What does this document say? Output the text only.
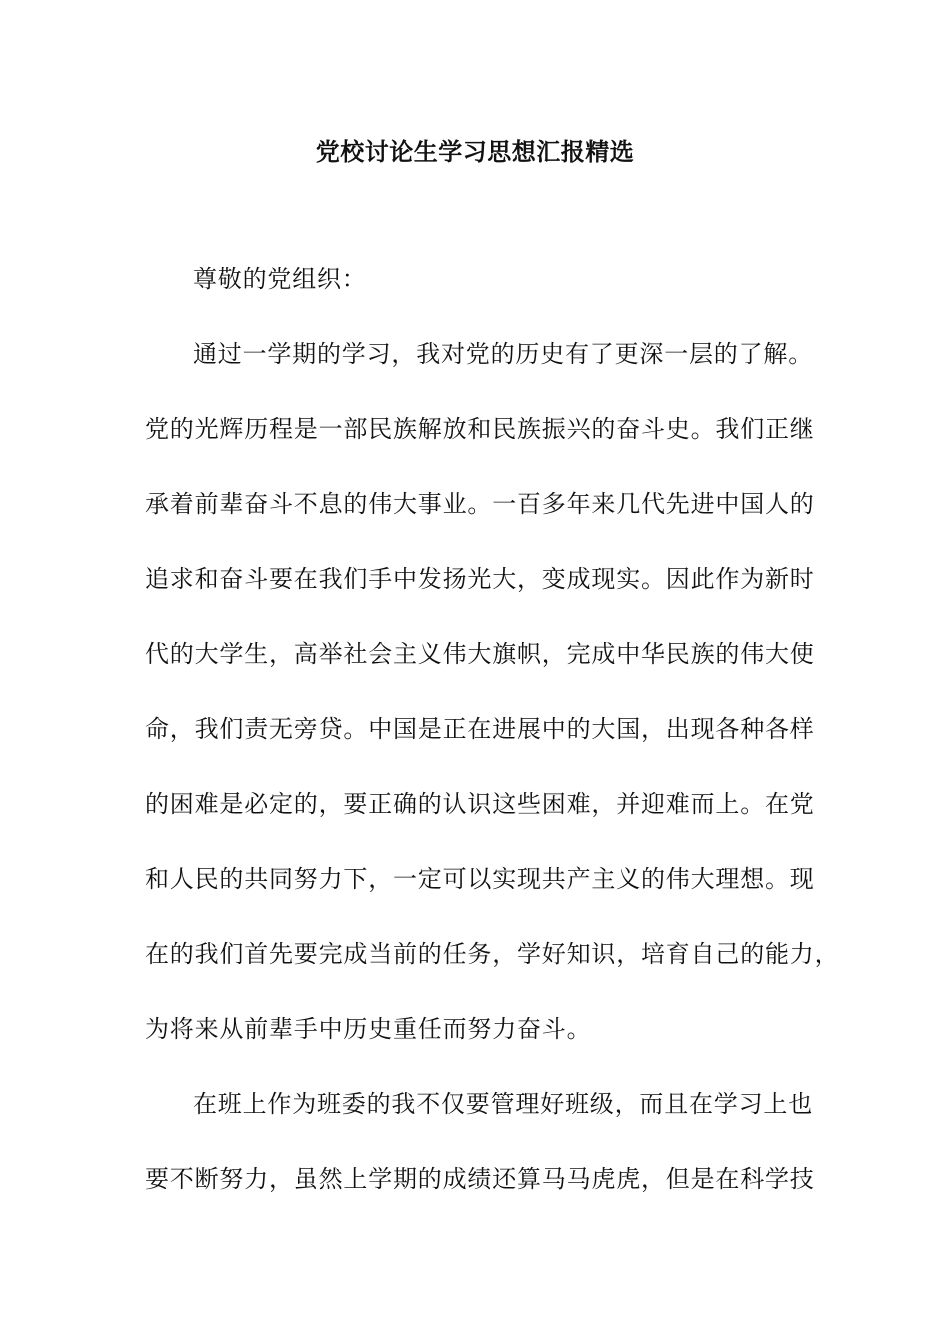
党校讨论生学习思想汇报精选
尊敬的党组织：
通过一学期的学习，我对党的历史有了更深一层的了解。
党的光辉历程是一部民族解放和民族振兴的奋斗史。我们正继
承着前辈奋斗不息的伟大事业。一百多年来几代先进中国人的
追求和奋斗要在我们手中发扬光大，变成现实。因此作为新时
代的大学生，高举社会主义伟大旗帜，完成中华民族的伟大使
命，我们责无旁贷。中国是正在进展中的大国，出现各种各样
的困难是必定的，要正确的认识这些困难，并迎难而上。在党
和人民的共同努力下，一定可以实现共产主义的伟大理想。现
在的我们首先要完成当前的任务，学好知识，培育自己的能力，
为将来从前辈手中历史重任而努力奋斗。
在班上作为班委的我不仅要管理好班级，而且在学习上也
要不断努力，虽然上学期的成绩还算马马虎虎，但是在科学技
